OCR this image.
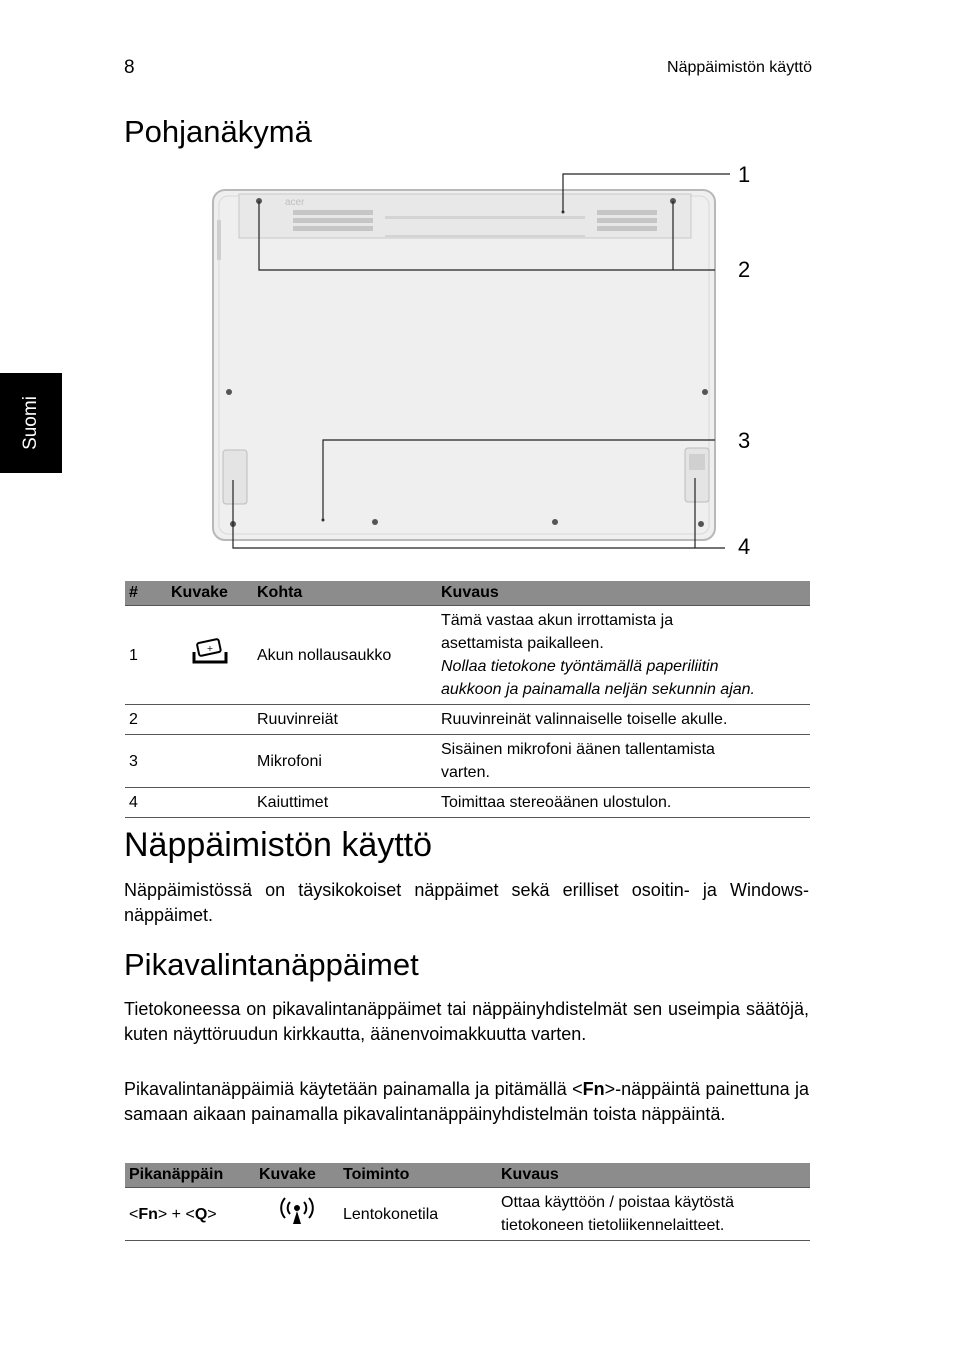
8	Näppäimistön käyttö
Suomi
Pohjanäkymä
acer
1
2
3
4
#	Kuvake	Kohta	Kuvaus
1	+	Akun nollausaukko	Tämä vastaa akun irrottamista ja
asettamista paikalleen.
Nollaa tietokone työntämällä paperiliitin
aukkoon ja painamalla neljän sekunnin ajan.

2		Ruuvinreiät	Ruuvinreinät valinnaiselle toiselle akulle.

3		Mikrofoni	Sisäinen mikrofoni äänen tallentamista
varten.

4		Kaiuttimet	Toimittaa stereoäänen ulostulon.
Näppäimistön käyttö

Näppäimistössä on täysikokoiset näppäimet sekä erilliset osoitin- ja Windows-näppäimet.

Pikavalintanäppäimet

Tietokoneessa on pikavalintanäppäimet tai näppäinyhdistelmät sen useimpia säätöjä, kuten näyttöruudun kirkkautta, äänenvoimakkuutta varten.

Pikavalintanäppäimiä käytetään painamalla ja pitämällä <Fn>-näppäintä painettuna ja samaan aikaan painamalla pikavalintanäppäinyhdistelmän toista näppäintä.

Pikanäppäin	Kuvake	Toiminto	Kuvaus
<Fn> + <Q>		Lentokonetila	Ottaa käyttöön / poistaa käytöstä
tietokoneen tietoliikennelaitteet.
